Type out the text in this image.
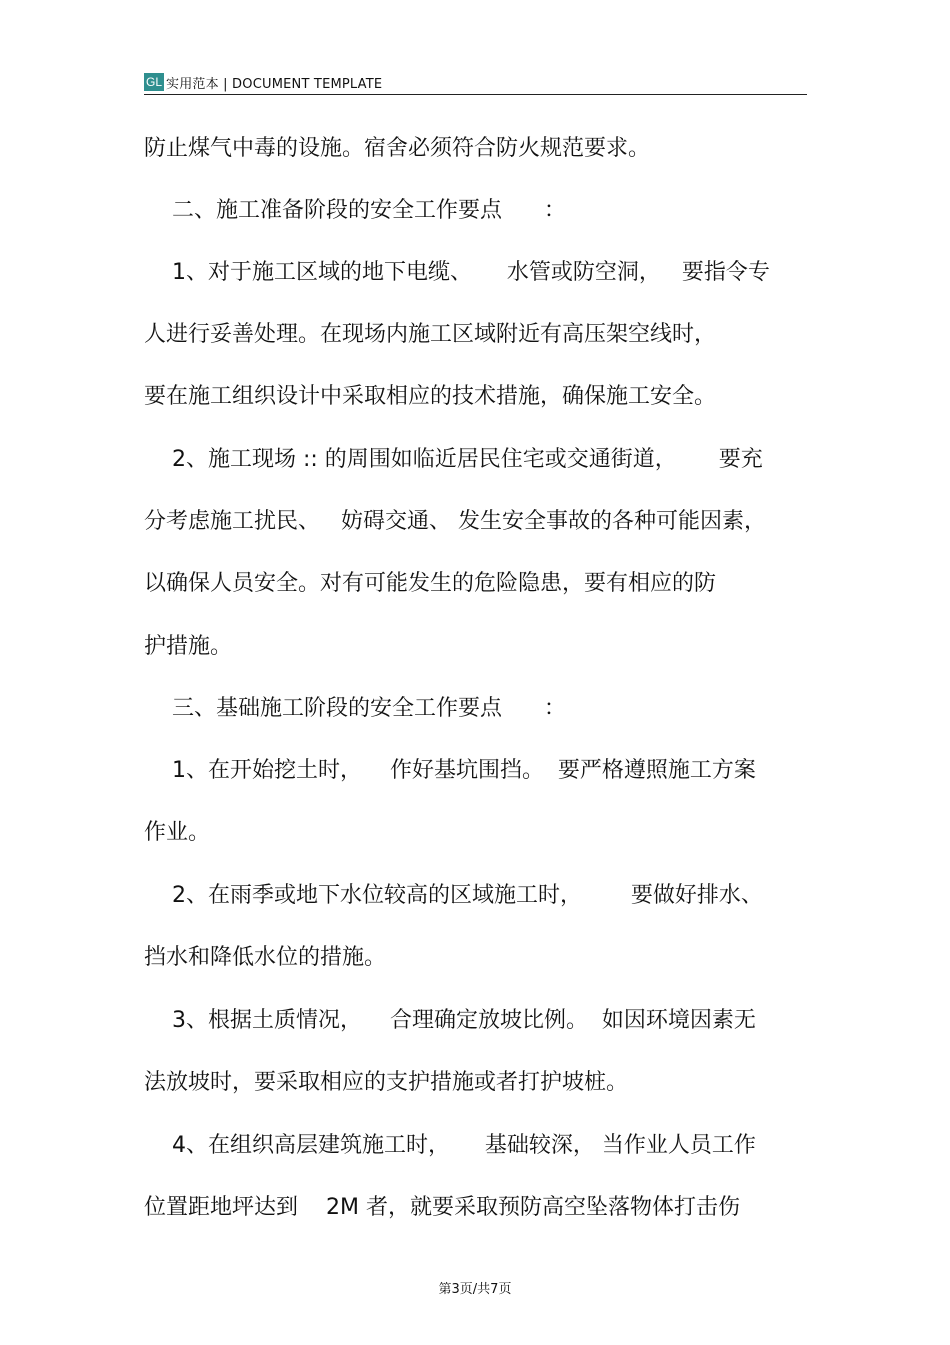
GL 实用范本 | DOCUMENT TEMPLATE
防止煤气中毒的设施。宿舍必须符合防火规范要求。
二、施工准备阶段的安全工作要点      ：
1、对于施工区域的地下电缆、     水管或防空洞，   要指令专
人进行妥善处理。在现场内施工区域附近有高压架空线时，
要在施工组织设计中采取相应的技术措施，确保施工安全。
2、施工现场 :: 的周围如临近居民住宅或交通街道，      要充
分考虑施工扰民、   妨碍交通、 发生安全事故的各种可能因素，
以确保人员安全。对有可能发生的危险隐患，要有相应的防
护措施。
三、基础施工阶段的安全工作要点      ：
1、在开始挖土时，    作好基坑围挡。  要严格遵照施工方案
作业。
2、在雨季或地下水位较高的区域施工时，       要做好排水、
挡水和降低水位的措施。
3、根据土质情况，    合理确定放坡比例。  如因环境因素无
法放坡时，要采取相应的支护措施或者打护坡桩。
4、在组织高层建筑施工时，     基础较深， 当作业人员工作
位置距地坪达到    2M 者，就要采取预防高空坠落物体打击伤
第3页/共7页
